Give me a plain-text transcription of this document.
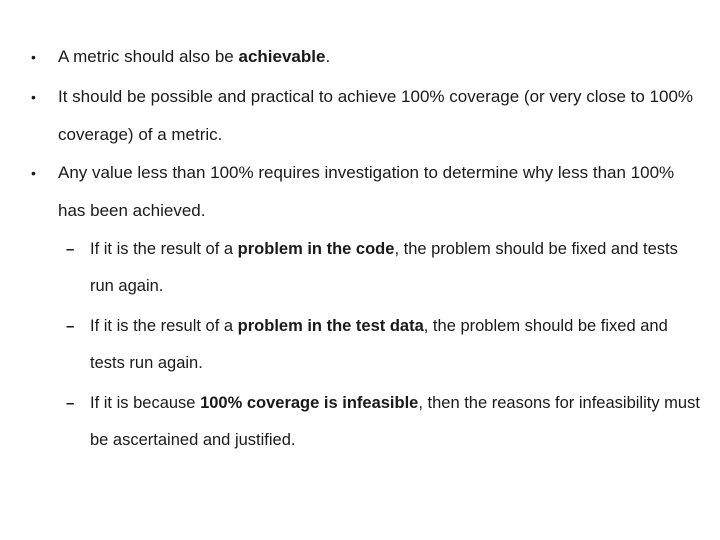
• A metric should also be achievable.
• It should be possible and practical to achieve 100% coverage (or very close to 100% coverage) of a metric.
• Any value less than 100% requires investigation to determine why less than 100% has been achieved.
– If it is the result of a problem in the code, the problem should be fixed and tests run again.
– If it is the result of a problem in the test data, the problem should be fixed and tests run again.
– If it is because 100% coverage is infeasible, then the reasons for infeasibility must be ascertained and justified.
